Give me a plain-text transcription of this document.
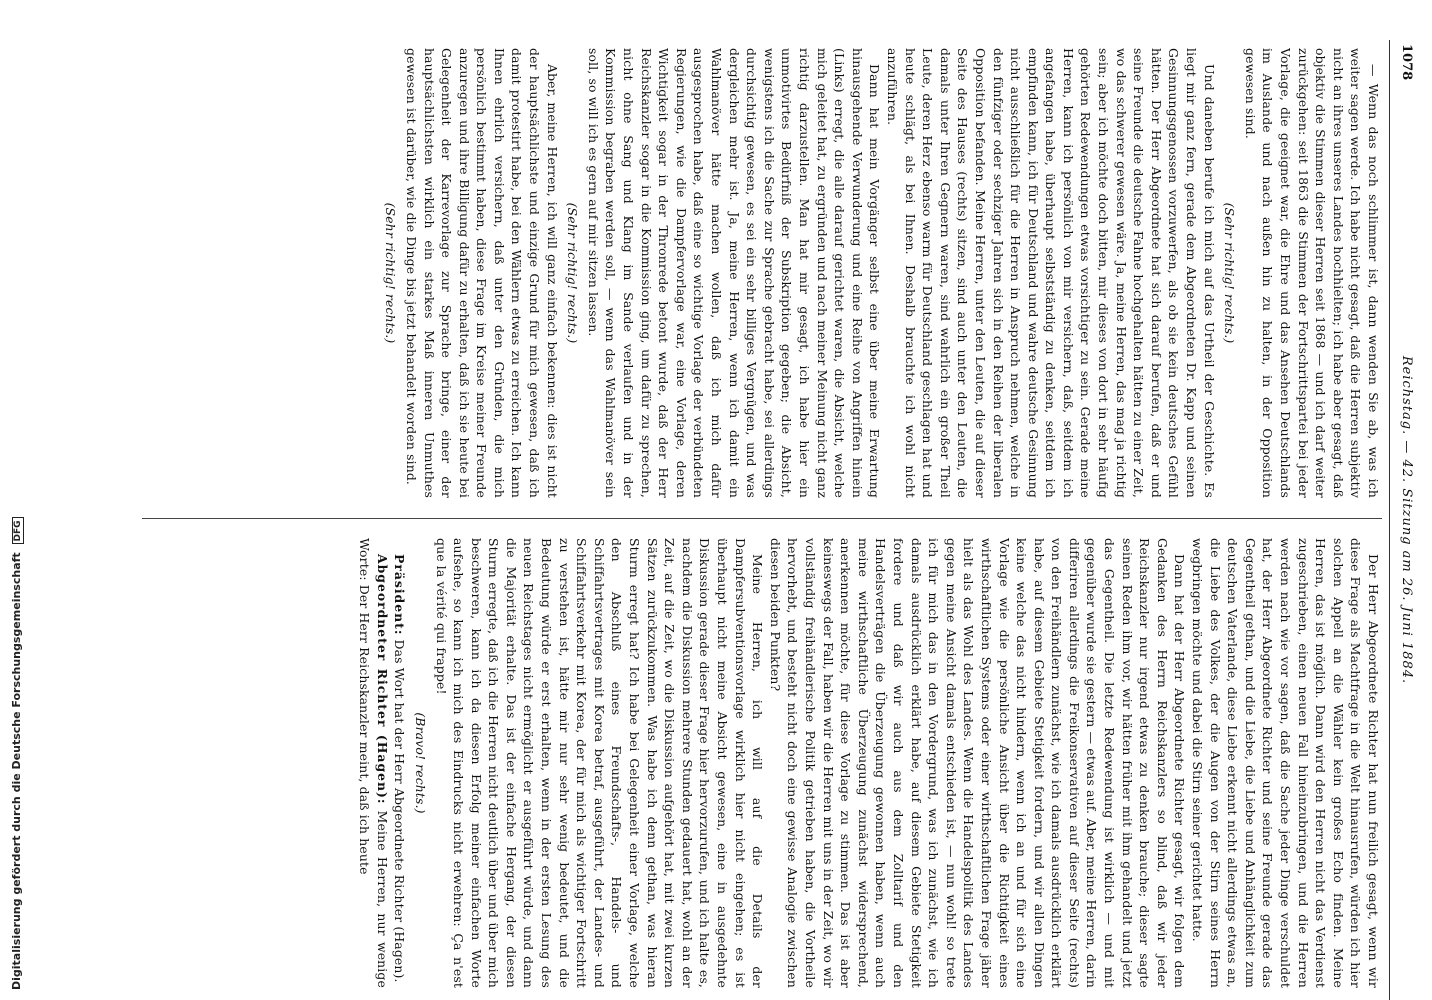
Digitalisierung gefördert durch die Deutsche Forschungsgemeinschaft DFG
1078
Reichstag. — 42. Sitzung am 26. Juni 1884.

— Wenn das noch schlimmer ist, dann wenden Sie ab, was ich weiter sagen werde. Ich habe nicht gesagt, daß die Herren subjektiv nicht an ihres unseres Landes hochhielten; ich habe aber gesagt, daß objektiv die Stimmen dieser Herren seit 1868 — und ich darf weiter zurückgehen: seit 1863 die Stimmen der Fortschrittspartei bei jeder Vorlage, die geeignet war, die Ehre und das Ansehen Deutschlands im Auslande und nach außen hin zu halten, in der Opposition gewesen sind.

(Sehr richtig! rechts.)

Und daneben berufe ich mich auf das Urtheil der Geschichte. Es liegt mir ganz fern, gerade dem Abgeordneten Dr. Kapp und seinen Gesinnungsgenossen vorzuwerfen, als ob sie kein deutsches Gefühl hätten. Der Herr Abgeordnete hat sich darauf berufen, daß er und seine Freunde die deutsche Fahne hochgehalten hätten zu einer Zeit, wo das schwerer gewesen wäre. Ja, meine Herren, das mag ja richtig sein; aber ich möchte doch bitten, mir dieses von dort in sehr häufig gehörten Redewendungen etwas vorsichtiger zu sein. Gerade meine Herren, kann ich persönlich von mir versichern, daß, seitdem ich angefangen habe, überhaupt selbstständig zu denken, seitdem ich empfinden kann, ich für Deutschland und wahre deutsche Gesinnung nicht ausschließlich für die Herren in Anspruch nehmen, welche in den fünfziger oder sechziger Jahren sich in den Reihen der liberalen Opposition befanden. Meine Herren, unter den Leuten, die auf dieser Seite des Hauses (rechts) sitzen, sind auch unter den Leuten, die damals unter Ihren Gegnern waren, sind wahrlich ein großer Theil Leute, deren Herz ebenso warm für Deutschland geschlagen hat und heute schlägt, als bei Ihnen. Deshalb brauchte ich wohl nicht anzuführen.

Dann hat mein Vorgänger selbst eine über meine Erwartung hinausgehende Verwunderung und eine Reihe von Angriffen hinein (Links) erregt, die alle darauf gerichtet waren, die Absicht, welche mich geleitet hat, zu ergründen und nach meiner Meinung nicht ganz richtig darzustellen. Man hat mir gesagt, ich habe hier ein unmotivirtes Bedürfniß der Subskription gegeben; die Absicht, wenigstens ich die Sache zur Sprache gebracht habe, sei allerdings durchsichtig gewesen, es sei ein sehr billiges Vergnügen, und was dergleichen mehr ist. Ja, meine Herren, wenn ich damit ein Wahlmanöver hätte machen wollen, daß ich mich dafür ausgesprochen habe, daß eine so wichtige Vorlage der verbündeten Regierungen, wie die Dampfervorlage war, eine Vorlage, deren Wichtigkeit sogar in der Thronrede betont wurde, daß der Herr Reichskanzler sogar in die Kommission ging, um dafür zu sprechen, nicht ohne Sang und Klang im Sande verlaufen und in der Kommission begraben werden soll, — wenn das Wahlmanöver sein soll, so will ich es gern auf mir sitzen lassen.

(Sehr richtig! rechts.)

Aber, meine Herren, ich will ganz einfach bekennen: dies ist nicht der hauptsächlichste und einzige Grund für mich gewesen, daß ich damit protestirt habe, bei den Wählern etwas zu erreichen. Ich kann Ihnen ehrlich versichern, daß unter den Gründen, die mich persönlich bestimmt haben, diese Frage im Kreise meiner Freunde anzuregen und ihre Billigung dafür zu erhalten, daß ich sie heute bei Gelegenheit der Karrevorlage zur Sprache bringe, einer der hauptsächlichsten wirklich ein starkes Maß inneren Unmuthes gewesen ist darüber, wie die Dinge bis jetzt behandelt worden sind.

(Sehr richtig! rechts.)

Der Herr Abgeordnete Richter hat nun freilich gesagt, wenn wir diese Frage als Machtfrage in die Welt hinausrufen, würden ich hier solchen Appell an die Wähler kein großes Echo finden. Meine Herren, das ist möglich. Dann wird den Herren nicht das Verdienst zugeschrieben, einen neuen Fall hineinzubringen, und die Herren werden nach wie vor sagen, daß die Sache jeder Dinge verschuldet hat, der Herr Abgeordnete Richter und seine Freunde gerade das Gegentheil gethan, und die Liebe, die Liebe und Anhänglichkeit zum deutschen Vaterlande, diese Liebe erkennt nicht allerdings etwas an, die Liebe des Volkes, der die Augen von der Stirn seines Herrn wegbringen möchte und dabei die Stirn seiner gerichtet hatte.

Dann hat der Herr Abgeordnete Richter gesagt, wir folgen dem Gedanken des Herrn Reichskanzlers so blind, daß wir jeder Reichskanzler nur irgend etwas zu denken brauche; dieser sagte seinen Reden ihm vor, wir hätten früher mit ihm gehandelt und jetzt das Gegentheil. Die letzte Redewendung ist wirklich — und mit gegenüber wurde sie gestern — etwas auf. Aber, meine Herren, darin differiren allerdings die Freikonservativen auf dieser Seite (rechts) von den Freihändlern zunächst, wie ich damals ausdrücklich erklärt habe, auf diesem Gebiete Stetigkeit fordern, und wir allen Dingen keine welche das nicht hindern, wenn ich an und für sich eine Vorlage wie die persönliche Ansicht über die Richtigkeit eines wirthschaftlichen Systems oder einer wirthschaftlichen Frage jäher hielt als das Wohl des Landes. Wenn die Handelspolitik des Landes gegen meine Ansicht damals entschieden ist, — nun wohl! so trete ich für mich das in den Vordergrund, was ich zunächst, wie ich damals ausdrücklich erklärt habe, auf diesem Gebiete Stetigkeit fordere und daß wir auch aus dem Zolltarif und den Handelsverträgen die Überzeugung gewonnen haben, wenn auch meine wirthschaftliche Überzeugung zunächst widersprechend, anerkennen möchte, für diese Vorlage zu stimmen. Das ist aber keineswegs der Fall, haben wir die Herren mit uns in der Zeit, wo wir vollständig freihändlerische Politik getrieben haben, die Vortheile hervorhebt, und besteht nicht doch eine gewisse Analogie zwischen diesen beiden Punkten?

Meine Herren, ich will auf die Details der Dampfersubventionsvorlage wirklich hier nicht eingehen; es ist überhaupt nicht meine Absicht gewesen, eine in ausgedehnte Diskussion gerade dieser Frage hier hervorzurufen, und ich halte es, nachdem die Diskussion mehrere Stunden gedauert hat, wohl an der Zeit, auf die Zeit, wo die Diskussion aufgehört hat, mit zwei kurzen Sätzen zurückzukommen. Was habe ich denn gethan, was hieran Sturm erregt hat? Ich habe bei Gelegenheit einer Vorlage, welche den Abschluß eines Freundschafts-, Handels- und Schiffahrtsvertrages mit Korea betraf, ausgeführt, der Landes- und Schiffahrtsverkehr mit Korea, der für mich als wichtiger Fortschritt zu verstehen ist, hätte mir nur sehr wenig bedeutet, und die Bedeutung würde er erst erhalten, wenn in der ersten Lesung des neuen Reichstages nicht ermöglicht er ausgeführt würde, und dann die Majorität erhalte. Das ist der einfache Hergang, der diesen Sturm erregte, daß ich die Herren nicht deutlich über und über mich beschweren, kann ich da diesen Erfolg meiner einfachen Worte aufsehe, so kann ich mich des Eindrucks nicht erwehren: Ça n'est que la vérité qui frappe!

(Bravo! rechts.)

Präsident: Das Wort hat der Herr Abgeordnete Richter (Hagen).

Abgeordneter Richter (Hagen): Meine Herren, nur wenige Worte: Der Herr Reichskanzler meint, daß ich heute
